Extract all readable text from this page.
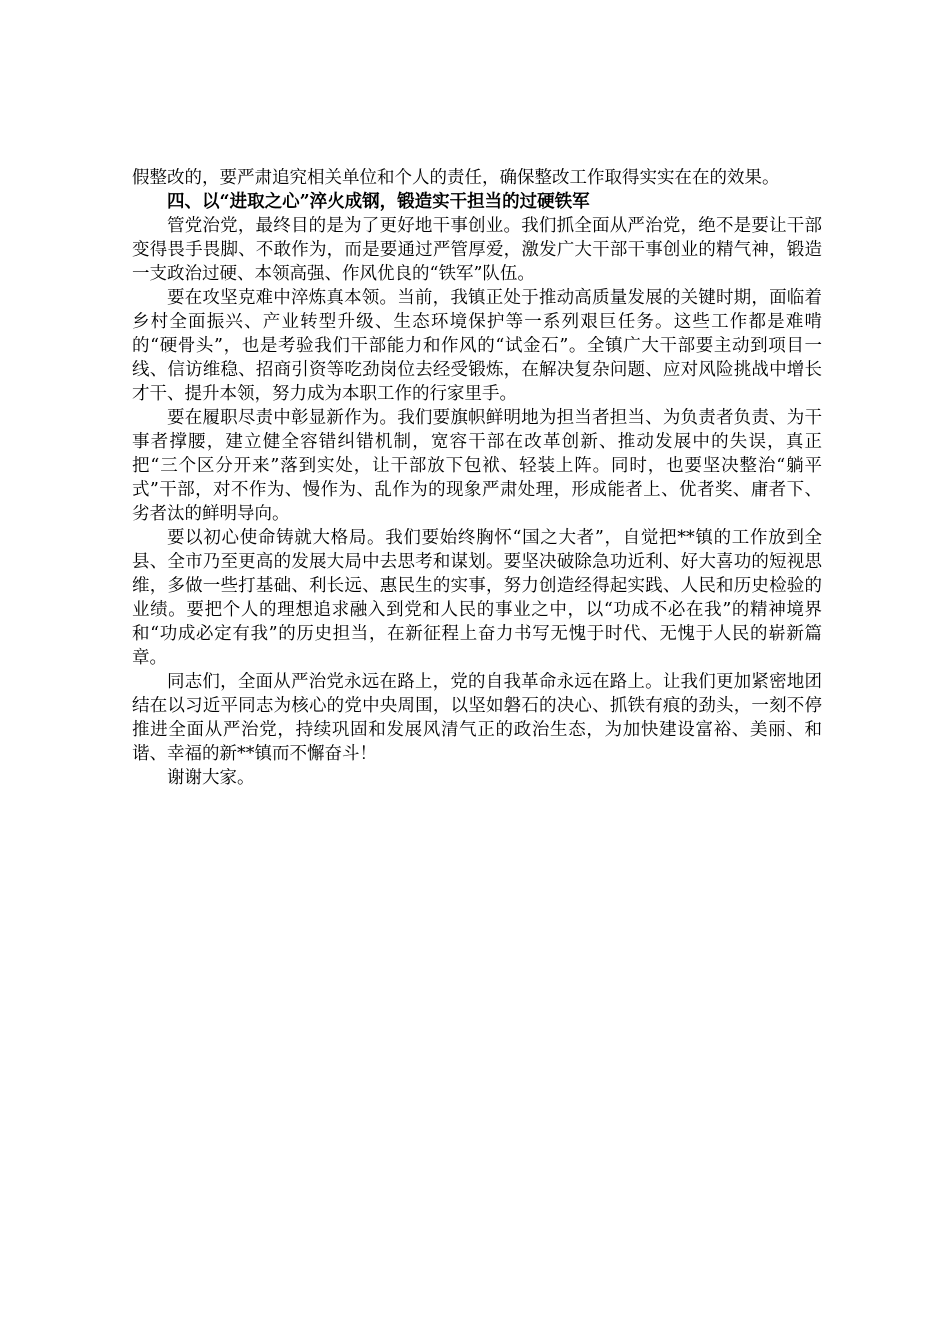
假整改的，要严肃追究相关单位和个人的责任，确保整改工作取得实实在在的效果。

四、以“进取之心”淬火成钢，锻造实干担当的过硬铁军

管党治党，最终目的是为了更好地干事创业。我们抓全面从严治党，绝不是要让干部变得畏手畏脚、不敢作为，而是要通过严管厚爱，激发广大干部干事创业的精气神，锻造一支政治过硬、本领高强、作风优良的“铁军”队伍。

要在攻坚克难中淬炼真本领。当前，我镇正处于推动高质量发展的关键时期，面临着乡村全面振兴、产业转型升级、生态环境保护等一系列艰巨任务。这些工作都是难啃的“硬骨头”，也是考验我们干部能力和作风的“试金石”。全镇广大干部要主动到项目一线、信访维稳、招商引资等吃劲岗位去经受锻炼，在解决复杂问题、应对风险挑战中增长才干、提升本领，努力成为本职工作的行家里手。

要在履职尽责中彰显新作为。我们要旗帜鲜明地为担当者担当、为负责者负责、为干事者撑腰，建立健全容错纠错机制，宽容干部在改革创新、推动发展中的失误，真正把“三个区分开来”落到实处，让干部放下包袱、轻装上阵。同时，也要坚决整治“躺平式”干部，对不作为、慢作为、乱作为的现象严肃处理，形成能者上、优者奖、庸者下、劣者汰的鲜明导向。

要以初心使命铸就大格局。我们要始终胸怀“国之大者”，自觉把**镇的工作放到全县、全市乃至更高的发展大局中去思考和谋划。要坚决破除急功近利、好大喜功的短视思维，多做一些打基础、利长远、惠民生的实事，努力创造经得起实践、人民和历史检验的业绩。要把个人的理想追求融入到党和人民的事业之中，以“功成不必在我”的精神境界和“功成必定有我”的历史担当，在新征程上奋力书写无愧于时代、无愧于人民的崭新篇章。

同志们，全面从严治党永远在路上，党的自我革命永远在路上。让我们更加紧密地团结在以习近平同志为核心的党中央周围，以坚如磐石的决心、抓铁有痕的劲头，一刻不停推进全面从严治党，持续巩固和发展风清气正的政治生态，为加快建设富裕、美丽、和谐、幸福的新**镇而不懈奋斗！

谢谢大家。
